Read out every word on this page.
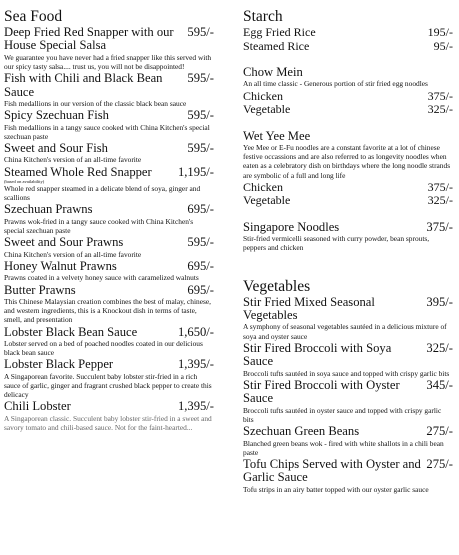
Sea Food
Deep Fried Red Snapper with our House Special Salsa
595/-
We guarantee you have never had a fried snapper like this served with our spicy tasty salsa.... trust us, you will not be disappointed!
Fish with Chili and Black Bean Sauce
595/-
Fish medallions in our version of the classic black bean sauce
Spicy Szechuan Fish	595/-
Fish medallions in a tangy sauce cooked with China Kitchen's special szechuan paste
Sweet and Sour Fish	595/-
China Kitchen's version of an all-time favorite
Steamed Whole Red Snapper	1,195/-
(based on availability)
Whole red snapper steamed in a delicate blend of soya, ginger and scallions
Szechuan Prawns	695/-
Prawns wok-fried in a tangy sauce cooked with China Kitchen's special szechuan paste
Sweet and Sour Prawns	595/-
China Kitchen's version of an all-time favorite
Honey Walnut Prawns	695/-
Prawns coated in a velvety honey sauce with caramelized walnuts
Butter Prawns	695/-
This Chinese Malaysian creation combines the best of malay, chinese, and western ingredients, this is a Knockout dish in terms of taste, smell, and presentation
Lobster Black Bean Sauce	1,650/-
Lobster served on a bed of poached noodles coated in our delicious black bean sauce
Lobster Black Pepper	1,395/-
A Singaporean favorite. Succulent baby lobster stir-fried in a rich sauce of garlic, ginger and fragrant crushed black pepper to create this delicacy
Chili Lobster	1,395/-
A Singaporean classic. Succulent baby lobster stir-fried in a sweet and savory tomato and chili-based sauce. Not for the faint-hearted...
Starch
Egg Fried Rice	195/-
Steamed Rice	95/-
Chow Mein
An all time classic - Generous portion of stir fried egg noodles
Chicken	375/-
Vegetable	325/-
Wet Yee Mee
Yee Mee or E-Fu noodles are a constant favorite at a lot of chinese festive occassions and are also referred to as longevity noodles when eaten as a celebratory dish on birthdays where the long noodle strands are symbolic of a full and long life
Chicken	375/-
Vegetable	325/-
Singapore Noodles	375/-
Stir-fried vermicelli seasoned with curry powder, bean sprouts, peppers and chicken
Vegetables
Stir Fried Mixed Seasonal Vegetables
395/-
A symphony of seasonal vegetables sautéed in a delicious mixture of soya and oyster sauce
Stir Fired Broccoli with Soya Sauce
325/-
Broccoli tufts sautéed in soya sauce and topped with crispy garlic bits
Stir Fired Broccoli with Oyster Sauce
345/-
Broccoli tufts sautéed in oyster sauce and topped with crispy garlic bits
Szechuan Green Beans	275/-
Blanched green beans wok - fired with white shallots in a chili bean paste
Tofu Chips Served with Oyster and Garlic Sauce
275/-
Tofu strips in an airy batter topped with our oyster garlic sauce
